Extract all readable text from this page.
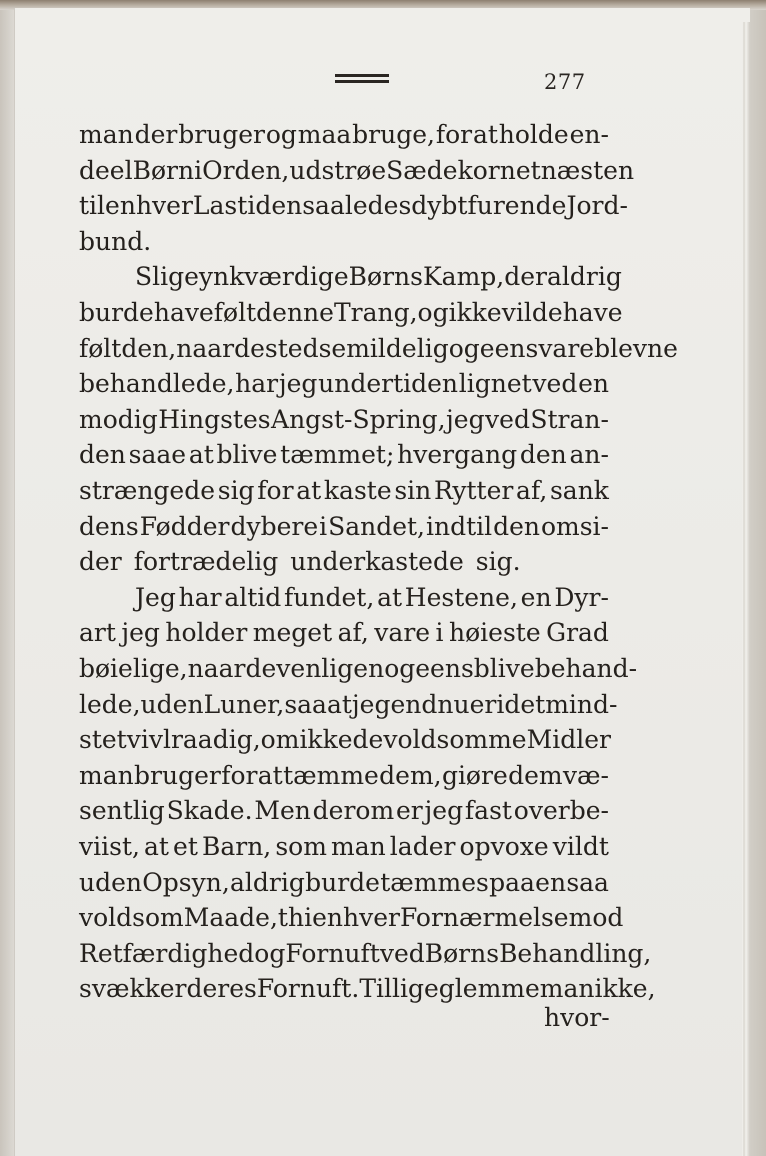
277
man der bruger og maa bruge, for at holde en-
deel Børn i Orden, udstrøe Sædekornet næsten
til enhver Last i den saaledes dybt furende Jord-
bund.
Slige ynkværdige Børns Kamp, der aldrig
burde have følt denne Trang, og ikke vilde have
følt den, naar de stedse mildelig og eens vare blevne
behandlede, har jeg undertiden lignet ved en
modig Hingstes Angst-Spring, jeg ved Stran-
den saae at blive tæmmet; hvergang den an-
strængede sig for at kaste sin Rytter af, sank
dens Fødder dybere i Sandet, indtil den omsi-
der fortrædelig underkastede sig.
Jeg har altid fundet, at Hestene, en Dyr-
art jeg holder meget af, vare i høieste Grad
bøielige, naar de venligen og eens blive behand-
lede, uden Luner, saa at jeg endnu er i det mind-
ste tvivlraadig, om ikke de voldsomme Midler
man bruger for at tæmme dem, giøre dem væ-
sentlig Skade. Men derom er jeg fast overbe-
viist, at et Barn, som man lader opvoxe vildt
uden Opsyn, aldrig burde tæmmes paa en saa
voldsom Maade, thi enhver Fornærmelse mod
Retfærdighed og Fornuft ved Børns Behandling,
svækker deres Fornuft. Tillige glemme man ikke,
hvor-
